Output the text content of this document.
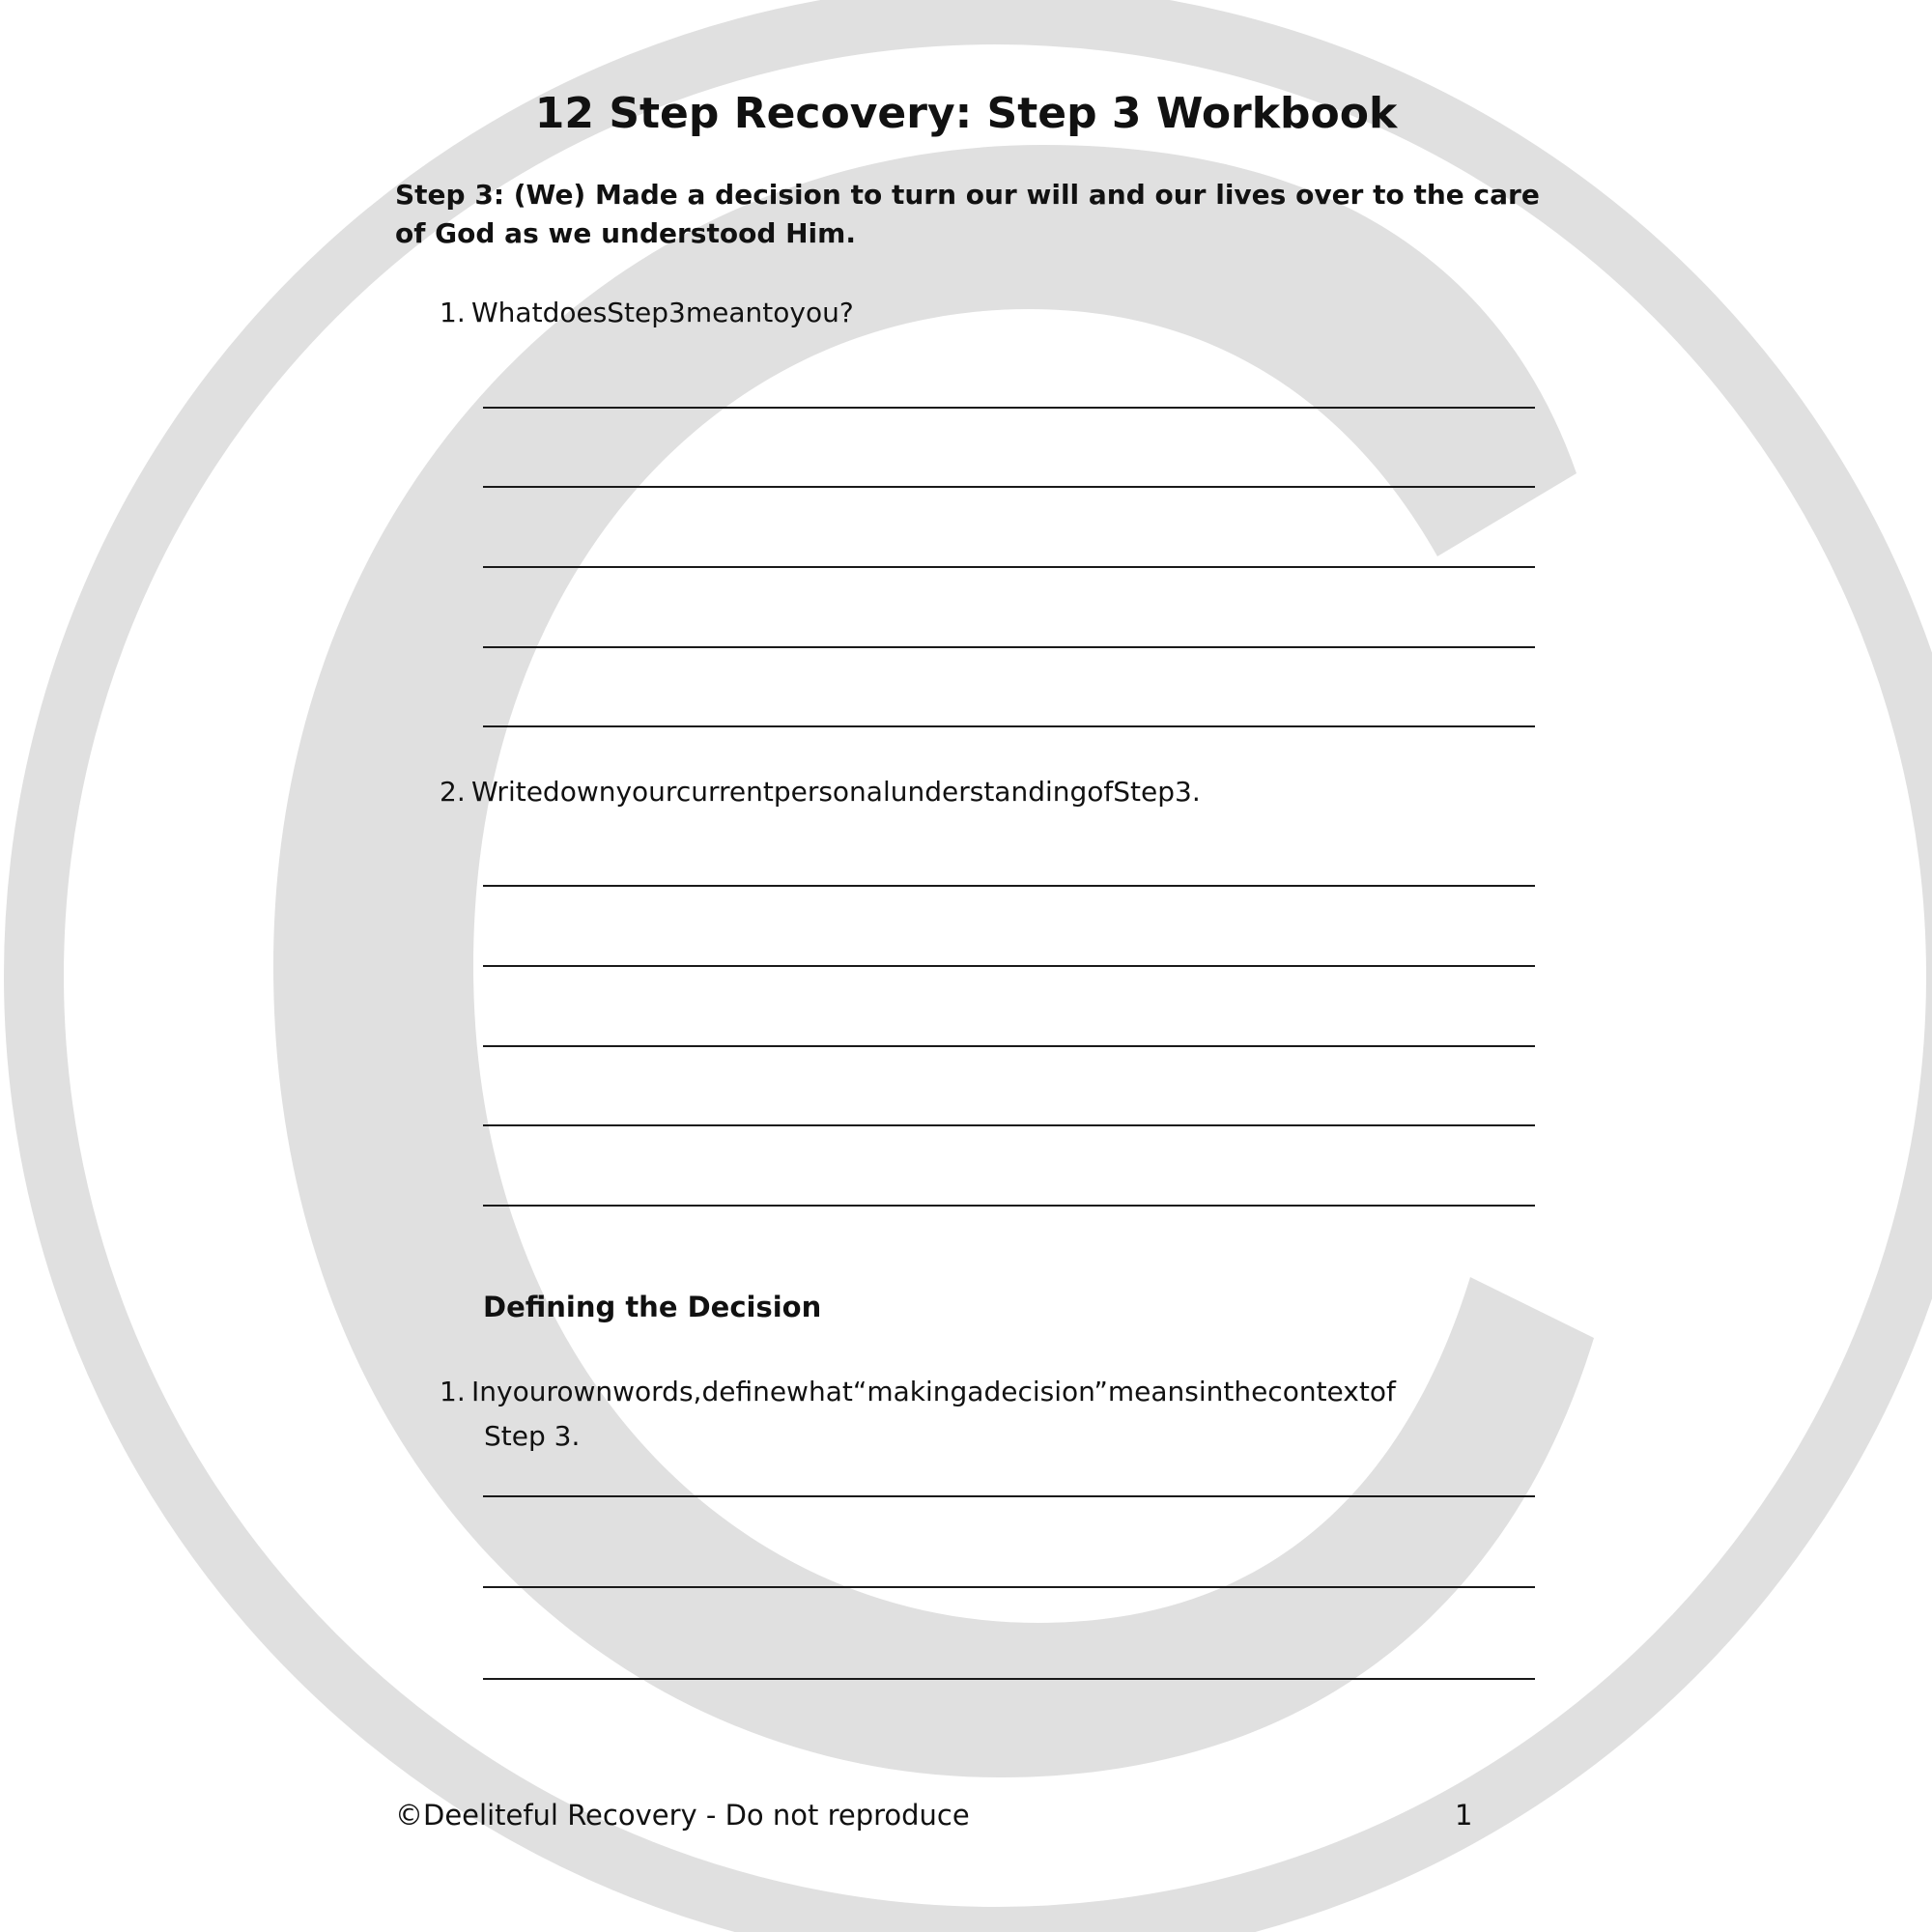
12 Step Recovery: Step 3 Workbook
Step 3: (We) Made a decision to turn our will and our lives over to the care of God as we understood Him.
1. WhatdoesStep3meantoyou?
2. WritedownyourcurrentpersonalunderstandingofStep3.
Defining the Decision
1. Inyourownwords,definewhat“makingadecision”meansinthecontextof
Step 3.
©Deeliteful Recovery - Do not reproduce	1
